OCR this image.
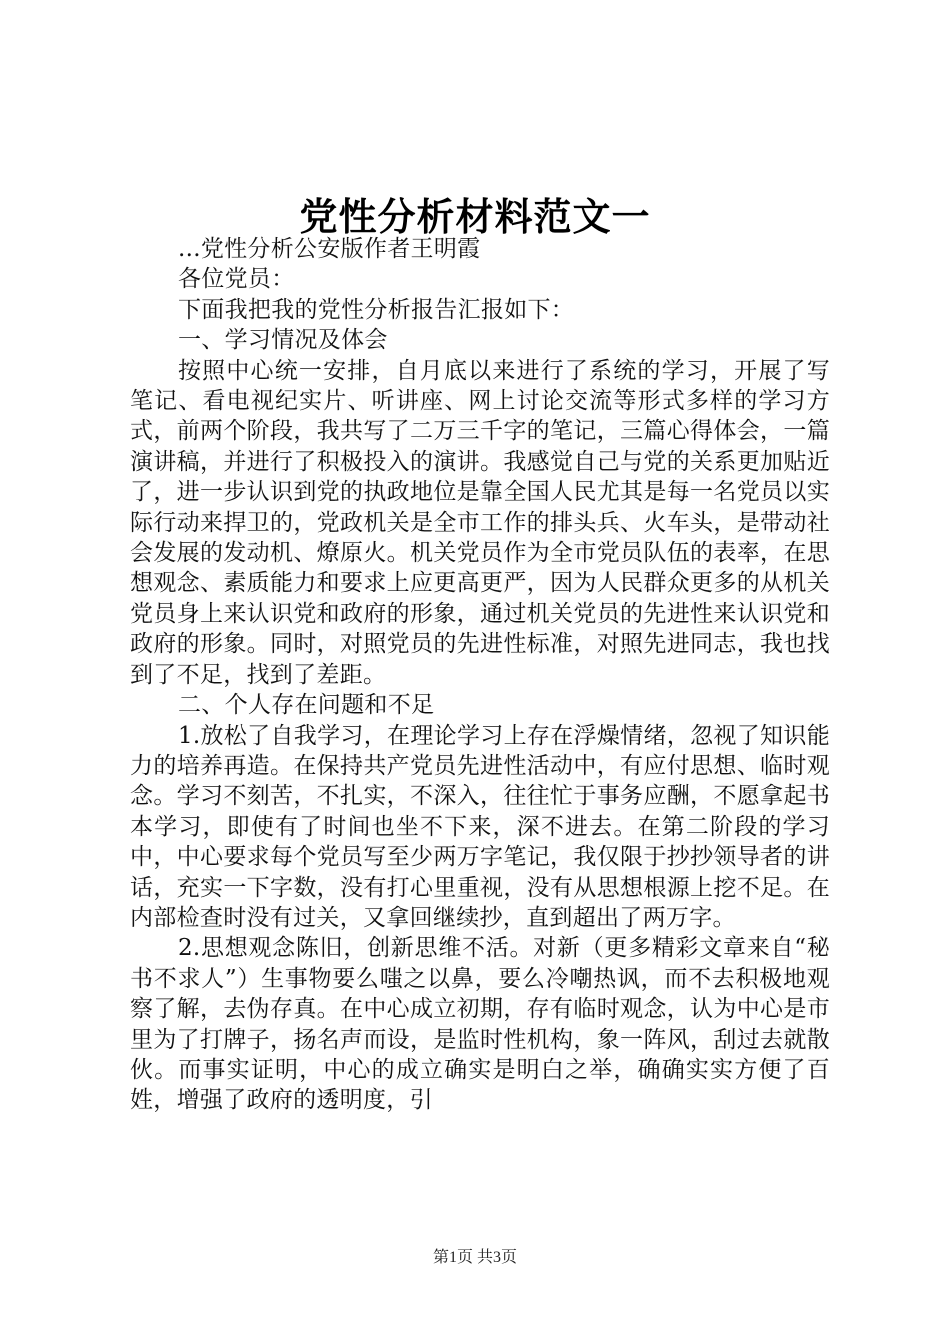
党性分析材料范文一

...党性分析公安版作者王明霞

各位党员：

下面我把我的党性分析报告汇报如下：

一、学习情况及体会

按照中心统一安排，自月底以来进行了系统的学习，开展了写笔记、看电视纪实片、听讲座、网上讨论交流等形式多样的学习方式，前两个阶段，我共写了二万三千字的笔记，三篇心得体会，一篇演讲稿，并进行了积极投入的演讲。我感觉自己与党的关系更加贴近了，进一步认识到党的执政地位是靠全国人民尤其是每一名党员以实际行动来捍卫的，党政机关是全市工作的排头兵、火车头，是带动社会发展的发动机、燎原火。机关党员作为全市党员队伍的表率，在思想观念、素质能力和要求上应更高更严，因为人民群众更多的从机关党员身上来认识党和政府的形象，通过机关党员的先进性来认识党和政府的形象。同时，对照党员的先进性标准，对照先进同志，我也找到了不足，找到了差距。

二、个人存在问题和不足

1.放松了自我学习，在理论学习上存在浮燥情绪，忽视了知识能力的培养再造。在保持共产党员先进性活动中，有应付思想、临时观念。学习不刻苦，不扎实，不深入，往往忙于事务应酬，不愿拿起书本学习，即使有了时间也坐不下来，深不进去。在第二阶段的学习中，中心要求每个党员写至少两万字笔记，我仅限于抄抄领导者的讲话，充实一下字数，没有打心里重视，没有从思想根源上挖不足。在内部检查时没有过关，又拿回继续抄，直到超出了两万字。

2.思想观念陈旧，创新思维不活。对新（更多精彩文章来自“秘书不求人”）生事物要么嗤之以鼻，要么冷嘲热讽，而不去积极地观察了解，去伪存真。在中心成立初期，存有临时观念，认为中心是市里为了打牌子，扬名声而设，是监时性机构，象一阵风，刮过去就散伙。而事实证明，中心的成立确实是明白之举，确确实实方便了百姓，增强了政府的透明度，引

第1页 共3页
